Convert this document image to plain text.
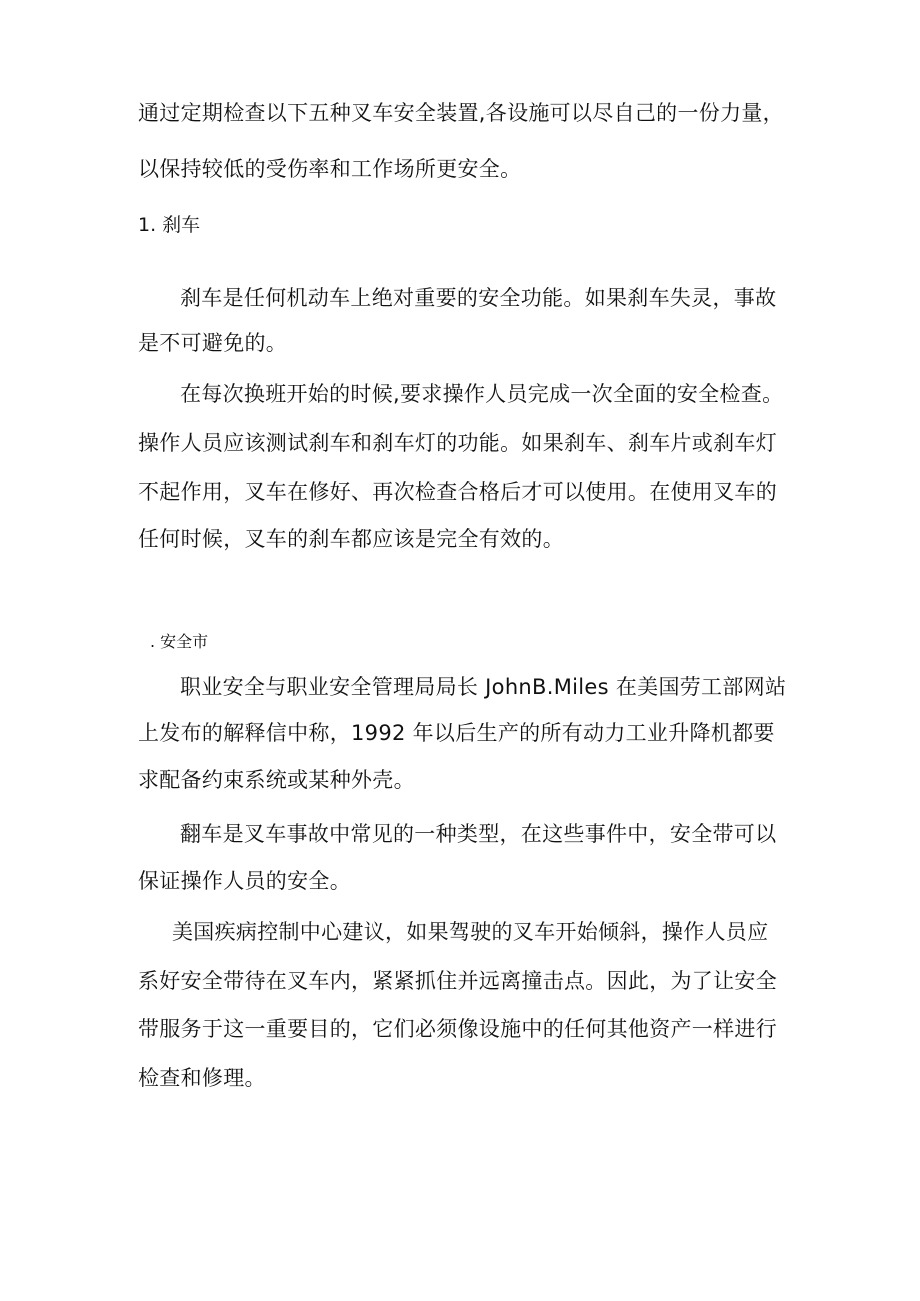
通过定期检查以下五种叉车安全装置,各设施可以尽自己的一份力量，
以保持较低的受伤率和工作场所更安全。
1. 刹车
刹车是任何机动车上绝对重要的安全功能。如果刹车失灵，事故
是不可避免的。
在每次换班开始的时候,要求操作人员完成一次全面的安全检查。
操作人员应该测试刹车和刹车灯的功能。如果刹车、刹车片或刹车灯
不起作用，叉车在修好、再次检查合格后才可以使用。在使用叉车的
任何时候，叉车的刹车都应该是完全有效的。
. 安全市
职业安全与职业安全管理局局长 JohnB.Miles 在美国劳工部网站
上发布的解释信中称，1992 年以后生产的所有动力工业升降机都要
求配备约束系统或某种外壳。
翻车是叉车事故中常见的一种类型，在这些事件中，安全带可以
保证操作人员的安全。
美国疾病控制中心建议，如果驾驶的叉车开始倾斜，操作人员应
系好安全带待在叉车内，紧紧抓住并远离撞击点。因此，为了让安全
带服务于这一重要目的，它们必须像设施中的任何其他资产一样进行
检查和修理。
